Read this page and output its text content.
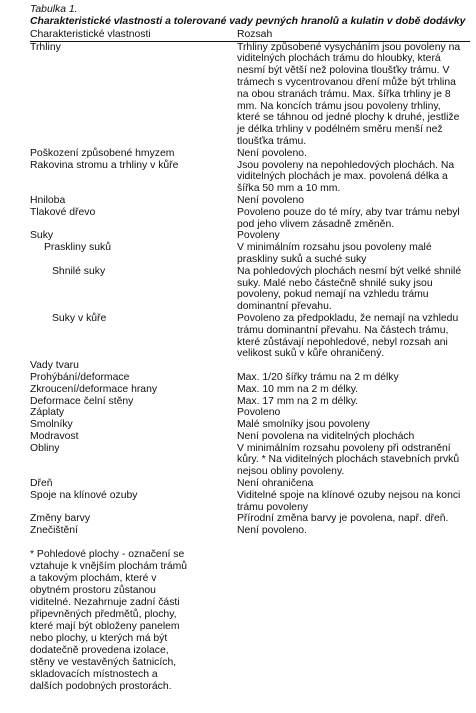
Tabulka 1.
Charakteristické vlastnosti a tolerované vady pevných hranolů a kulatin v době dodávky
Charakteristické vlastnosti	Rozsah
Trhliny	Trhliny způsobené vysycháním jsou povoleny na viditelných plochách trámu do hloubky, která nesmí být větší než polovina tloušťky trámu. V trámech s vycentrovanou dření může být trhlina na obou stranách trámu. Max. šířka trhliny je 8 mm. Na koncích trámu jsou povoleny trhliny, které se táhnou od jedné plochy k druhé, jestliže je délka trhliny v podélném směru menší než tloušťka trámu.
Poškození způsobené hmyzem	Není povoleno.
Rakovina stromu a trhliny v kůře	Jsou povoleny na nepohledových plochách. Na viditelných plochách je max. povolená délka a šířka 50 mm a 10 mm.
Hniloba	Není povoleno
Tlakové dřevo	Povoleno pouze do té míry, aby tvar trámu nebyl pod jeho vlivem zásadně změněn.
Suky	Povoleny
Praskliny suků	V minimálním rozsahu jsou povoleny malé praskliny suků a suché suky
Shnilé suky	Na pohledových plochách nesmí být velké shnilé suky. Malé nebo částečně shnilé suky jsou povoleny, pokud nemají na vzhledu trámu dominantní převahu.
Suky v kůře	Povoleno za předpokladu, že nemají na vzhledu trámu dominantní převahu. Na částech trámu, které zůstávají nepohledové, nebyl rozsah ani velikost suků v kůře ohraničený.
Vady tvaru
Prohýbání/deformace	Max. 1/20 šířky trámu na 2 m délky
Zkroucení/deformace hrany	Max. 10 mm na 2 m délky.
Deformace čelní stěny	Max. 17 mm na 2 m délky.
Záplaty	Povoleno
Smolníky	Malé smolníky jsou povoleny
Modravost	Není povolena na viditelných plochách
Obliny	V minimálním rozsahu povoleny při odstranění kůry. * Na viditelných plochách stavebních prvků nejsou obliny povoleny.
Dřeň	Není ohraničena
Spoje na klínové ozuby	Viditelné spoje na klínové ozuby nejsou na konci trámu povoleny
Změny barvy	Přírodní změna barvy je povolena, např. dřeň.
Znečištění	Není povoleno.
* Pohledové plochy - označení se vztahuje k vnějším plochám trámů a takovým plochám, které v obytném prostoru zůstanou viditelné. Nezahrnuje zadní části připevněných předmětů, plochy, které mají být obloženy panelem nebo plochy, u kterých má být dodatečně provedena izolace, stěny ve vestavěných šatnicích, skladovacích místnostech a dalších podobných prostorách.
